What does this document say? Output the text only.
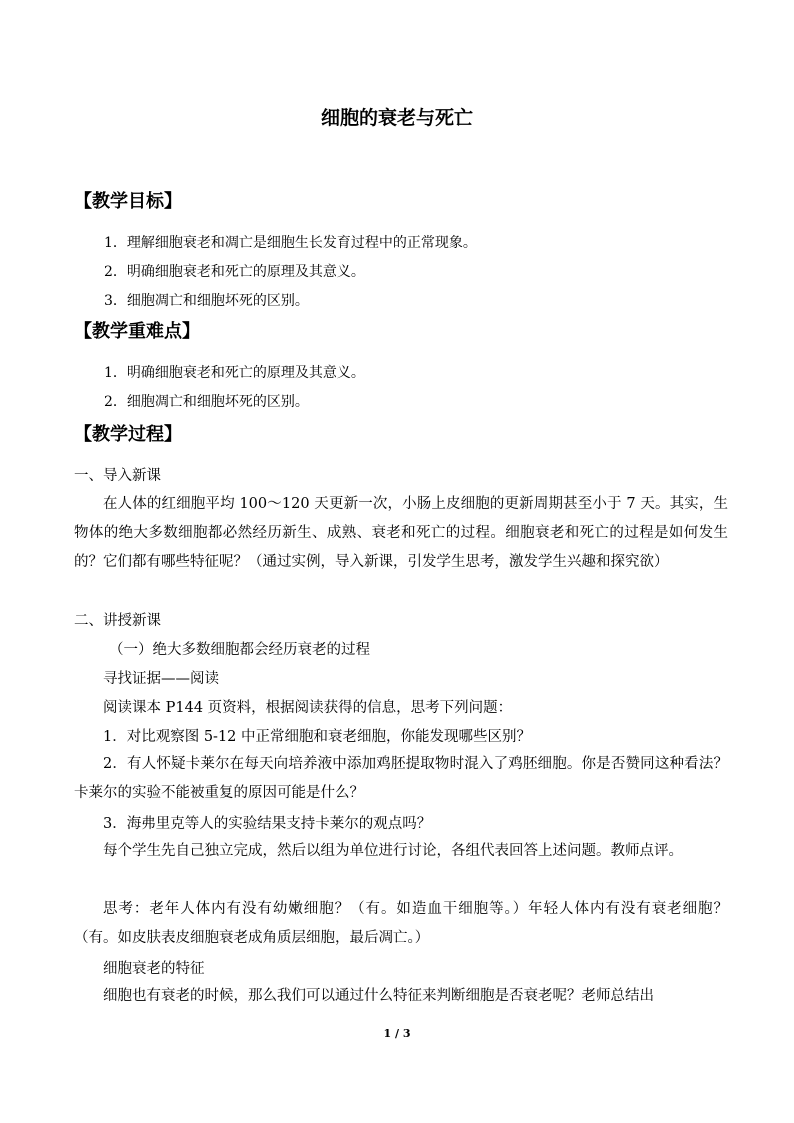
细胞的衰老与死亡
【教学目标】
1．理解细胞衰老和凋亡是细胞生长发育过程中的正常现象。
2．明确细胞衰老和死亡的原理及其意义。
3．细胞凋亡和细胞坏死的区别。
【教学重难点】
1．明确细胞衰老和死亡的原理及其意义。
2．细胞凋亡和细胞坏死的区别。
【教学过程】
一、导入新课
在人体的红细胞平均 100～120 天更新一次，小肠上皮细胞的更新周期甚至小于 7 天。其实，生物体的绝大多数细胞都必然经历新生、成熟、衰老和死亡的过程。细胞衰老和死亡的过程是如何发生的？它们都有哪些特征呢？（通过实例，导入新课，引发学生思考，激发学生兴趣和探究欲）
二、讲授新课
（一）绝大多数细胞都会经历衰老的过程
寻找证据——阅读
阅读课本 P144 页资料，根据阅读获得的信息，思考下列问题：
1．对比观察图 5-12 中正常细胞和衰老细胞，你能发现哪些区别？
2．有人怀疑卡莱尔在每天向培养液中添加鸡胚提取物时混入了鸡胚细胞。你是否赞同这种看法？卡莱尔的实验不能被重复的原因可能是什么？
3．海弗里克等人的实验结果支持卡莱尔的观点吗？
每个学生先自己独立完成，然后以组为单位进行讨论，各组代表回答上述问题。教师点评。
思考：老年人体内有没有幼嫩细胞？（有。如造血干细胞等。）年轻人体内有没有衰老细胞？（有。如皮肤表皮细胞衰老成角质层细胞，最后凋亡。）
细胞衰老的特征
细胞也有衰老的时候，那么我们可以通过什么特征来判断细胞是否衰老呢？老师总结出
1 / 3
